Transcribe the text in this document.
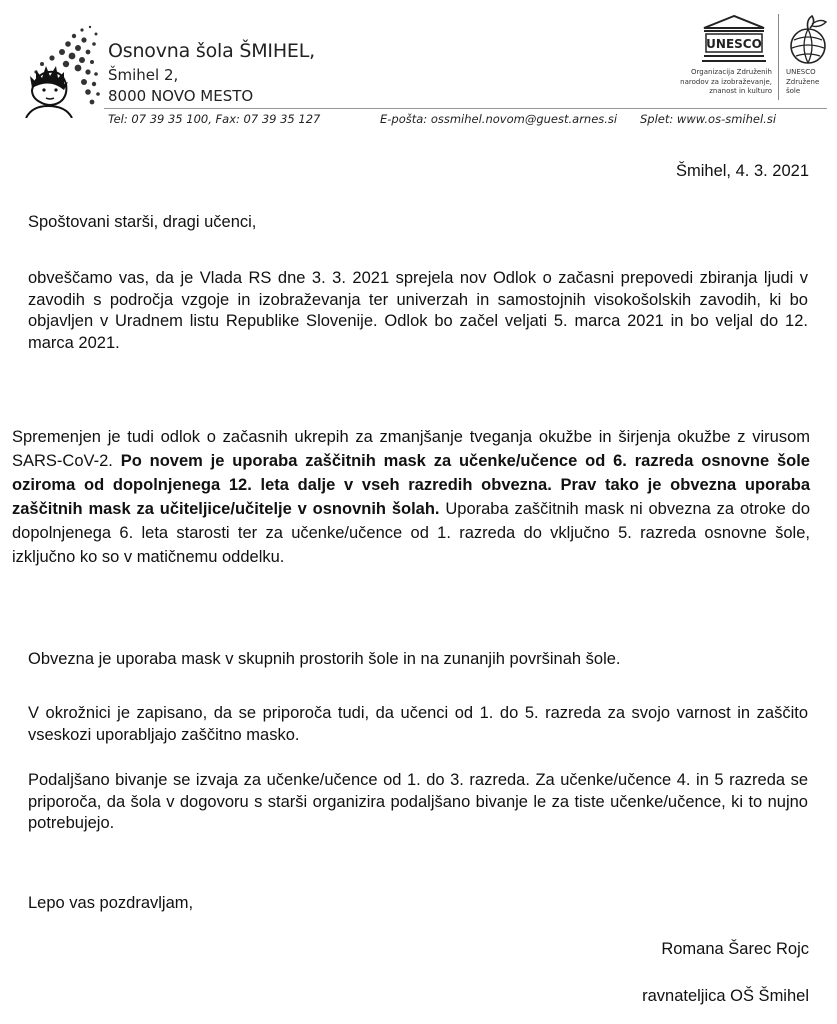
Osnovna šola ŠMIHEL,
Šmihel 2,
8000 NOVO MESTO
Tel: 07 39 35 100, Fax: 07 39 35 127	E-pošta: ossmihel.novom@guest.arnes.si Splet: www.os-smihel.si
UNESCO
Organizacija Združenih
narodov za izobraževanje,
znanost in kulturo
UNESCO
Združene
šole
Šmihel, 4. 3. 2021
Spoštovani starši, dragi učenci,
obveščamo vas, da je Vlada RS dne 3. 3. 2021 sprejela nov Odlok o začasni prepovedi zbiranja ljudi v zavodih s področja vzgoje in izobraževanja ter univerzah in samostojnih visokošolskih zavodih, ki bo objavljen v Uradnem listu Republike Slovenije. Odlok bo začel veljati 5. marca 2021 in bo veljal do 12. marca 2021.
Spremenjen je tudi odlok o začasnih ukrepih za zmanjšanje tveganja okužbe in širjenja okužbe z virusom SARS-CoV-2. Po novem je uporaba zaščitnih mask za učenke/učence od 6. razreda osnovne šole oziroma od dopolnjenega 12. leta dalje v vseh razredih obvezna. Prav tako je obvezna uporaba zaščitnih mask za učiteljice/učitelje v osnovnih šolah. Uporaba zaščitnih mask ni obvezna za otroke do dopolnjenega 6. leta starosti ter za učenke/učence od 1. razreda do vključno 5. razreda osnovne šole, izključno ko so v matičnemu oddelku.
Obvezna je uporaba mask v skupnih prostorih šole in na zunanjih površinah šole.
V okrožnici je zapisano, da se priporoča tudi, da učenci od 1. do 5. razreda za svojo varnost in zaščito vseskozi uporabljajo zaščitno masko.
Podaljšano bivanje se izvaja za učenke/učence od 1. do 3. razreda. Za učenke/učence 4. in 5 razreda se priporoča, da šola v dogovoru s starši organizira podaljšano bivanje le za tiste učenke/učence, ki to nujno potrebujejo.
Lepo vas pozdravljam,
Romana Šarec Rojc
ravnateljica OŠ Šmihel
